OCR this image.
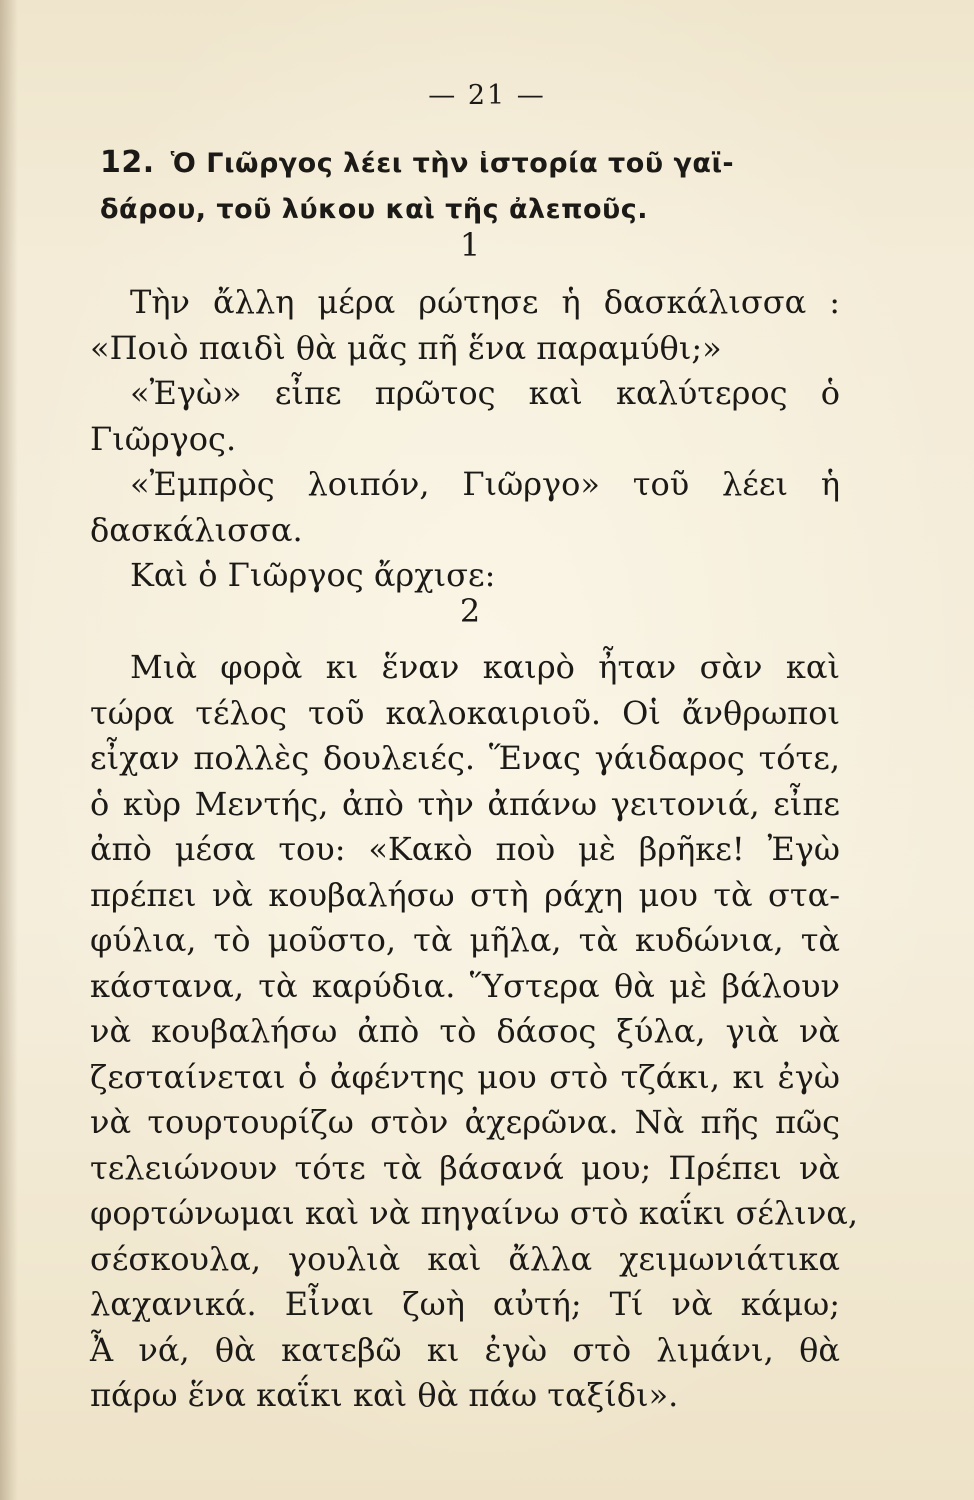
— 21 —
12. Ὁ Γιῶργος λέει τὴν ἱστορία τοῦ γαϊ-
δάρου, τοῦ λύκου καὶ τῆς ἀλεποῦς.
1
Τὴν ἄλλη μέρα ρώτησε ἡ δασκάλισσα :
«Ποιὸ παιδὶ θὰ μᾶς πῆ ἕνα παραμύθι;»
«Ἐγὼ» εἶπε πρῶτος καὶ καλύτερος ὁ
Γιῶργος.
«Ἐμπρὸς λοιπόν, Γιῶργο» τοῦ λέει ἡ
δασκάλισσα.
Καὶ ὁ Γιῶργος ἄρχισε:
2
Μιὰ φορὰ κι ἕναν καιρὸ ἦταν σὰν καὶ
τώρα τέλος τοῦ καλοκαιριοῦ. Οἱ ἄνθρωποι
εἶχαν πολλὲς δουλειές. Ἕνας γάιδαρος τότε,
ὁ κὺρ Μεντής, ἀπὸ τὴν ἀπάνω γειτονιά, εἶπε
ἀπὸ μέσα του: «Κακὸ ποὺ μὲ βρῆκε! Ἐγὼ
πρέπει νὰ κουβαλήσω στὴ ράχη μου τὰ στα-
φύλια, τὸ μοῦστο, τὰ μῆλα, τὰ κυδώνια, τὰ
κάστανα, τὰ καρύδια. Ὕστερα θὰ μὲ βάλουν
νὰ κουβαλήσω ἀπὸ τὸ δάσος ξύλα, γιὰ νὰ
ζεσταίνεται ὁ ἀφέντης μου στὸ τζάκι, κι ἐγὼ
νὰ τουρτουρίζω στὸν ἀχερῶνα. Νὰ πῆς πῶς
τελειώνουν τότε τὰ βάσανά μου; Πρέπει νὰ
φορτώνωμαι καὶ νὰ πηγαίνω στὸ καΐκι σέλινα,
σέσκουλα, γουλιὰ καὶ ἄλλα χειμωνιάτικα
λαχανικά. Εἶναι ζωὴ αὐτή; Τί νὰ κάμω;
Ἆ νά, θὰ κατεβῶ κι ἐγὼ στὸ λιμάνι, θὰ
πάρω ἕνα καΐκι καὶ θὰ πάω ταξίδι».
